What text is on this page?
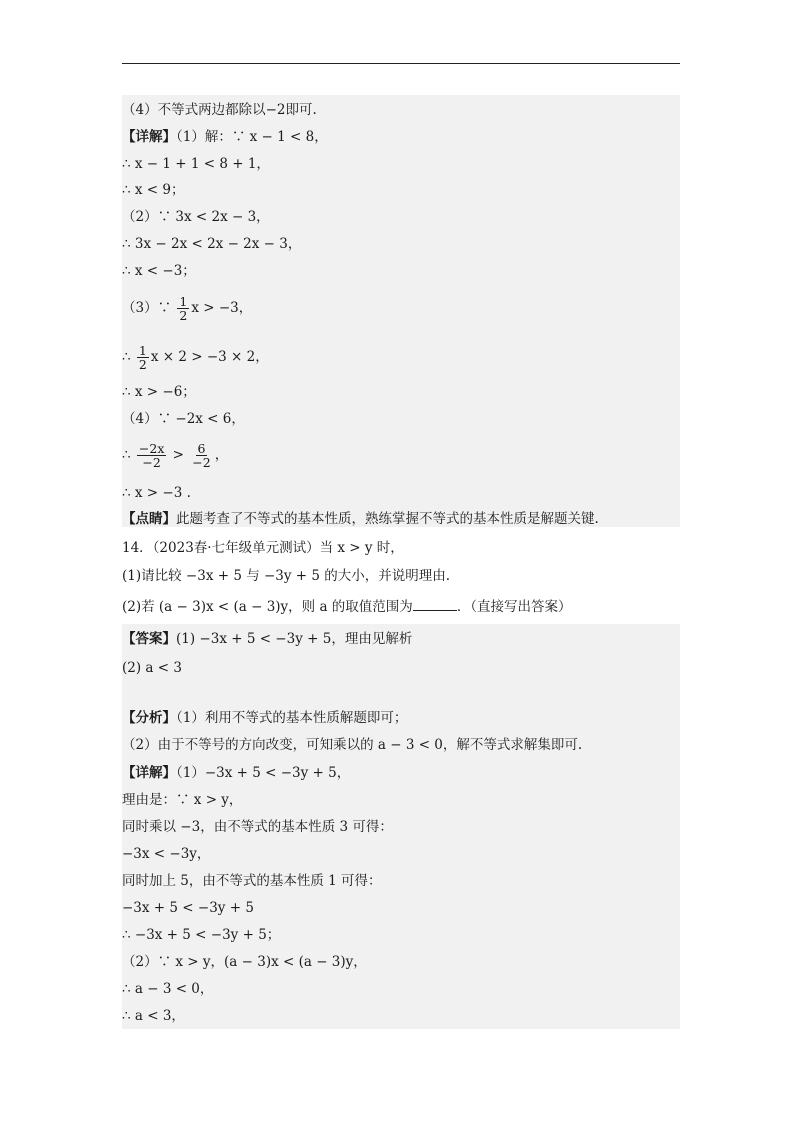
（4）不等式两边都除以−2即可.
【详解】（1）解：∵ x − 1 < 8，
∴ x − 1 + 1 < 8 + 1，
∴ x < 9；
（2）∵ 3x < 2x − 3，
∴ 3x − 2x < 2x − 2x − 3，
∴ x < −3；
（3）∵ $\frac{1}{2}$ x > −3，
∴ $\frac{1}{2}$ x × 2 > −3 × 2，
∴ x > −6；
（4）∵ −2x < 6，
∴ $\frac{-2x}{-2} > \frac{6}{-2}$ ，
∴ x > −3 .
【点睛】此题考查了不等式的基本性质，熟练掌握不等式的基本性质是解题关键.
14．（2023春·七年级单元测试）当 x > y 时，
(1)请比较 −3x + 5 与 −3y + 5 的大小，并说明理由.
(2)若 (a − 3)x < (a − 3)y，则 a 的取值范围为	．（直接写出答案）
【答案】(1) −3x + 5 < −3y + 5，理由见解析
(2) a < 3
【分析】（1）利用不等式的基本性质解题即可；
（2）由于不等号的方向改变，可知乘以的 a − 3 < 0，解不等式求解集即可.
【详解】（1）−3x + 5 < −3y + 5，
理由是：∵ x > y，
同时乘以 −3，由不等式的基本性质 3 可得：
−3x < −3y，
同时加上 5，由不等式的基本性质 1 可得：
−3x + 5 < −3y + 5
∴ −3x + 5 < −3y + 5；
（2）∵ x > y，(a − 3)x < (a − 3)y，
∴ a − 3 < 0，
∴ a < 3，
